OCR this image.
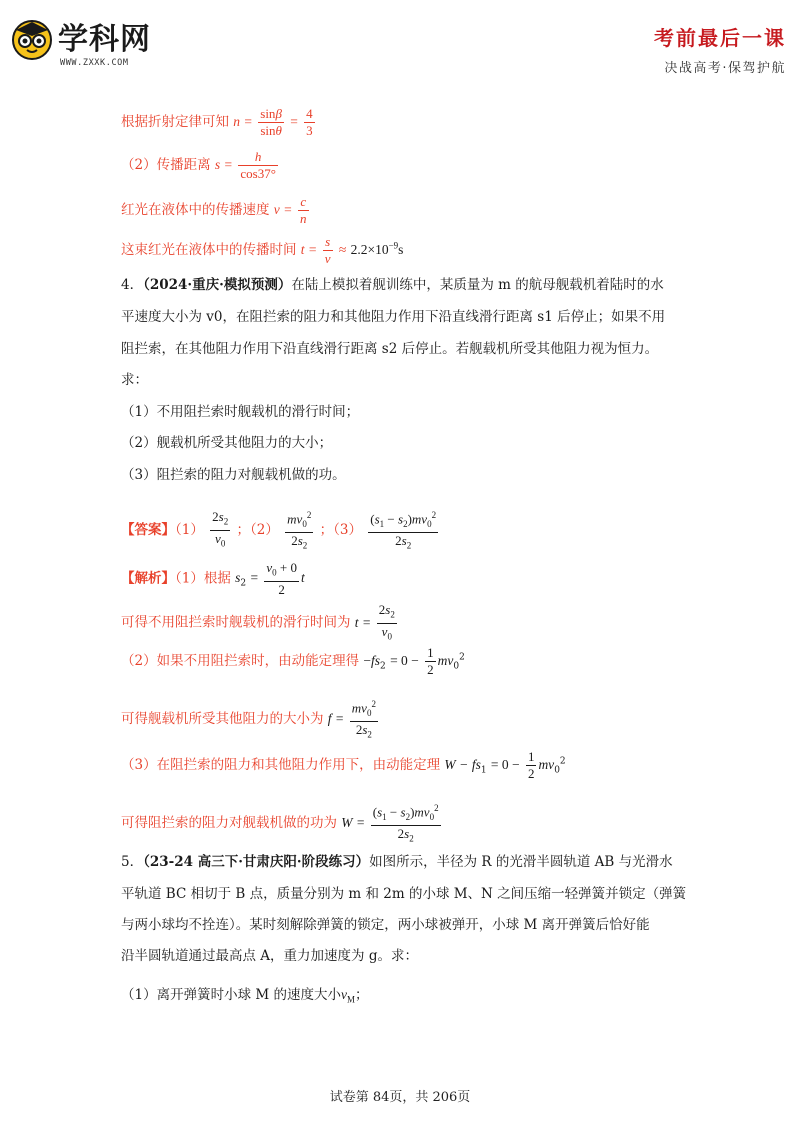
学科网
WWW.ZXXK.COM
考前最后一课
决战高考·保驾护航
根据折射定律可知 $n = \frac{\sin\beta}{\sin\theta} = \frac{4}{3}$
（2）传播距离 $s = \frac{h}{\cos 37^\circ}$
红光在液体中的传播速度 $v = \frac{c}{n}$
这束红光在液体中的传播时间 $t = \frac{s}{v} \approx 2.2\times 10^{-9}s$
4．（2024·重庆·模拟预测）在陆上模拟着舰训练中，某质量为 m 的航母舰载机着陆时的水
平速度大小为 v0，在阻拦索的阻力和其他阻力作用下沿直线滑行距离 s1 后停止；如果不用
阻拦索，在其他阻力作用下沿直线滑行距离 s2 后停止。若舰载机所受其他阻力视为恒力。
求：
（1）不用阻拦索时舰载机的滑行时间；
（2）舰载机所受其他阻力的大小；
（3）阻拦索的阻力对舰载机做的功。
【答案】$(1) \frac{2s_2}{v_0}$ ；$(2) \frac{mv_0^2}{2s_2}$ ；$(3) \frac{(s_1 - s_2)mv_0^2}{2s_2}$
【解析】（1）根据 $s_2 = \frac{v_0 + 0}{2}$ t
可得不用阻拦索时舰载机的滑行时间为 $t = \frac{2s_2}{v_0}$
（2）如果不用阻拦索时，由动能定理得 $-fs_2 = 0 - \frac{1}{2} mv_0^2$
可得舰载机所受其他阻力的大小为 $f = \frac{mv_0^2}{2s_2}$
（3）在阻拦索的阻力和其他阻力作用下，由动能定理 $W - fs_1 = 0 - \frac{1}{2} mv_0^2$
可得阻拦索的阻力对舰载机做的功为 $W = \frac{(s_1 - s_2)mv_0^2}{2s_2}$
5．（23-24 高三下·甘肃庆阳·阶段练习）如图所示，半径为 R 的光滑半圆轨道 AB 与光滑水
平轨道 BC 相切于 B 点，质量分别为 m 和 2m 的小球 M、N 之间压缩一轻弹簧并锁定（弹簧
与两小球均不拴连）。某时刻解除弹簧的锁定，两小球被弹开，小球 M 离开弹簧后恰好能
沿半圆轨道通过最高点 A，重力加速度为 g。求：
（1）离开弹簧时小球 M 的速度大小$v_M$；
试卷第 84页，共 206页
